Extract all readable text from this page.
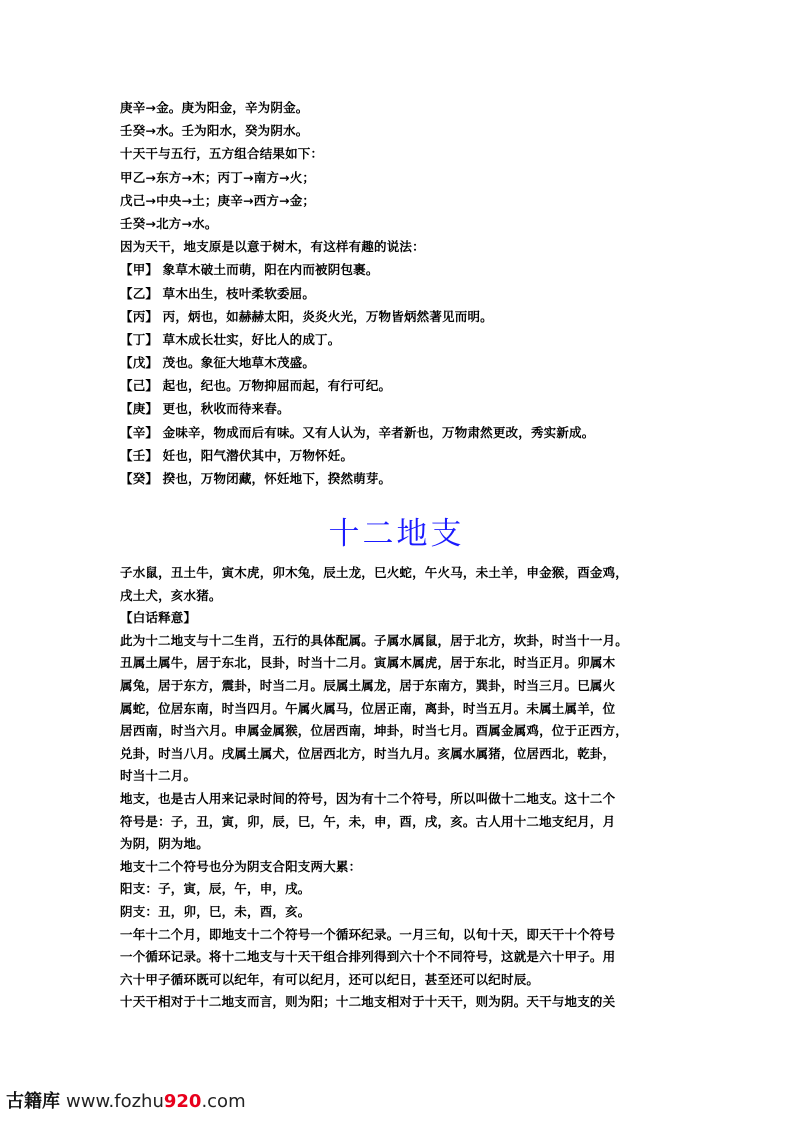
庚辛→金。庚为阳金，辛为阴金。
壬癸→水。壬为阳水，癸为阴水。
十天干与五行，五方组合结果如下：
甲乙→东方→木；丙丁→南方→火；
戊己→中央→土；庚辛→西方→金；
壬癸→北方→水。
因为天干，地支原是以意于树木，有这样有趣的说法：
【甲】 象草木破土而萌，阳在内而被阴包裹。
【乙】 草木出生，枝叶柔软委屈。
【丙】 丙，炳也，如赫赫太阳，炎炎火光，万物皆炳然著见而明。
【丁】 草木成长壮实，好比人的成丁。
【戊】 茂也。象征大地草木茂盛。
【己】 起也，纪也。万物抑屈而起，有行可纪。
【庚】 更也，秋收而待来春。
【辛】 金味辛，物成而后有味。又有人认为，辛者新也，万物肃然更改，秀实新成。
【壬】 妊也，阳气潜伏其中，万物怀妊。
【癸】 揆也，万物闭藏，怀妊地下，揆然萌芽。
十二地支
子水鼠，丑土牛，寅木虎，卯木兔，辰土龙，巳火蛇，午火马，未土羊，申金猴，酉金鸡，
戌土犬，亥水猪。
【白话释意】
此为十二地支与十二生肖，五行的具体配属。子属水属鼠，居于北方，坎卦，时当十一月。
丑属土属牛，居于东北，艮卦，时当十二月。寅属木属虎，居于东北，时当正月。卯属木
属兔，居于东方，震卦，时当二月。辰属土属龙，居于东南方，巽卦，时当三月。巳属火
属蛇，位居东南，时当四月。午属火属马，位居正南，离卦，时当五月。未属土属羊，位
居西南，时当六月。申属金属猴，位居西南，坤卦，时当七月。酉属金属鸡，位于正西方，
兑卦，时当八月。戌属土属犬，位居西北方，时当九月。亥属水属猪，位居西北，乾卦，
时当十二月。
地支，也是古人用来记录时间的符号，因为有十二个符号，所以叫做十二地支。这十二个
符号是：子，丑，寅，卯，辰，巳，午，未，申，酉，戌，亥。古人用十二地支纪月，月
为阴，阴为地。
地支十二个符号也分为阴支合阳支两大累：
阳支：子，寅，辰，午，申，戌。
阴支：丑，卯，巳，未，酉，亥。
一年十二个月，即地支十二个符号一个循环纪录。一月三旬，以旬十天，即天干十个符号
一个循环记录。将十二地支与十天干组合排列得到六十个不同符号，这就是六十甲子。用
六十甲子循环既可以纪年，有可以纪月，还可以纪日，甚至还可以纪时辰。
十天干相对于十二地支而言，则为阳；十二地支相对于十天干，则为阴。天干与地支的关
古籍库 www.fozhu920.com
